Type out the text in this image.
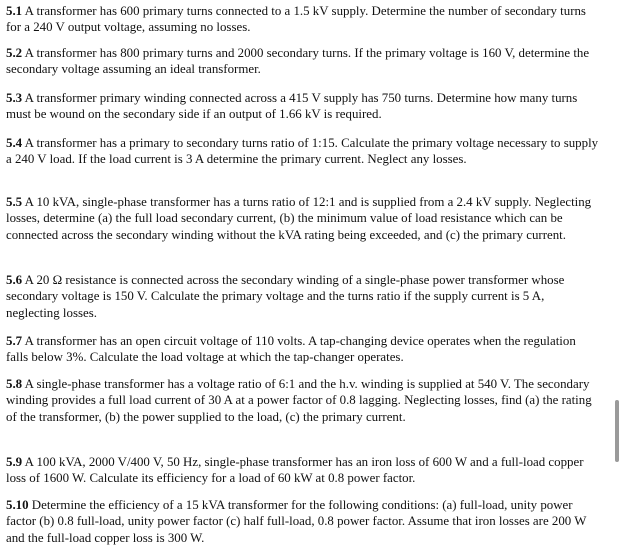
5.1 A transformer has 600 primary turns connected to a 1.5 kV supply. Determine the number of secondary turns for a 240 V output voltage, assuming no losses.

5.2 A transformer has 800 primary turns and 2000 secondary turns. If the primary voltage is 160 V, determine the secondary voltage assuming an ideal transformer.

5.3 A transformer primary winding connected across a 415 V supply has 750 turns. Determine how many turns must be wound on the secondary side if an output of 1.66 kV is required.

5.4 A transformer has a primary to secondary turns ratio of 1:15. Calculate the primary voltage necessary to supply a 240 V load. If the load current is 3 A determine the primary current. Neglect any losses.

5.5 A 10 kVA, single-phase transformer has a turns ratio of 12:1 and is supplied from a 2.4 kV supply. Neglecting losses, determine (a) the full load secondary current, (b) the minimum value of load resistance which can be connected across the secondary winding without the kVA rating being exceeded, and (c) the primary current.

5.6 A 20 Ω resistance is connected across the secondary winding of a single-phase power transformer whose secondary voltage is 150 V. Calculate the primary voltage and the turns ratio if the supply current is 5 A, neglecting losses.

5.7 A transformer has an open circuit voltage of 110 volts. A tap-changing device operates when the regulation falls below 3%. Calculate the load voltage at which the tap-changer operates.

5.8 A single-phase transformer has a voltage ratio of 6:1 and the h.v. winding is supplied at 540 V. The secondary winding provides a full load current of 30 A at a power factor of 0.8 lagging. Neglecting losses, find (a) the rating of the transformer, (b) the power supplied to the load, (c) the primary current.

5.9 A 100 kVA, 2000 V/400 V, 50 Hz, single-phase transformer has an iron loss of 600 W and a full-load copper loss of 1600 W. Calculate its efficiency for a load of 60 kW at 0.8 power factor.

5.10 Determine the efficiency of a 15 kVA transformer for the following conditions: (a) full-load, unity power factor (b) 0.8 full-load, unity power factor (c) half full-load, 0.8 power factor. Assume that iron losses are 200 W and the full-load copper loss is 300 W.
